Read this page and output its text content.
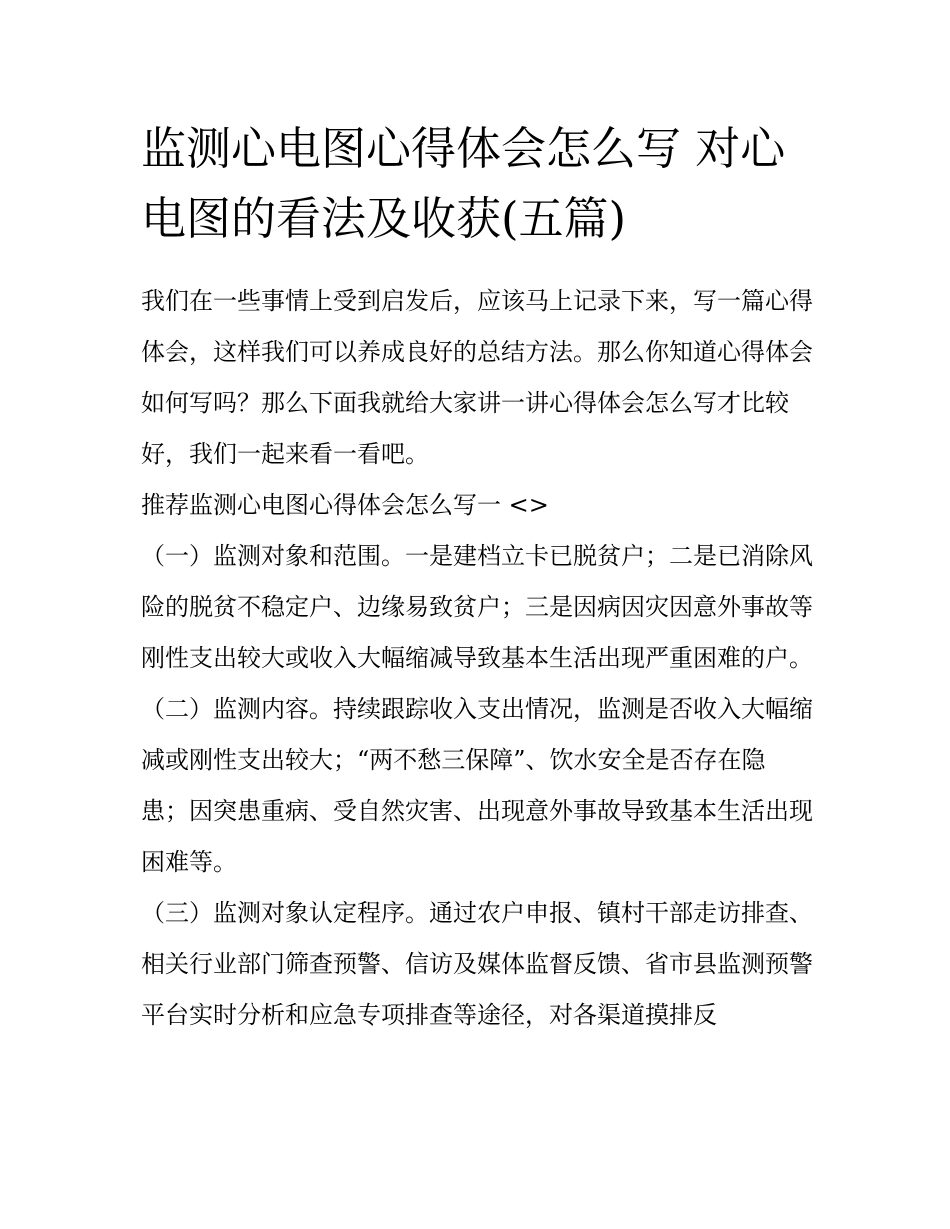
监测心电图心得体会怎么写 对心电图的看法及收获(五篇)

我们在一些事情上受到启发后，应该马上记录下来，写一篇心得体会，这样我们可以养成良好的总结方法。那么你知道心得体会如何写吗？那么下面我就给大家讲一讲心得体会怎么写才比较好，我们一起来看一看吧。

推荐监测心电图心得体会怎么写一 <>

（一）监测对象和范围。一是建档立卡已脱贫户；二是已消除风险的脱贫不稳定户、边缘易致贫户；三是因病因灾因意外事故等刚性支出较大或收入大幅缩减导致基本生活出现严重困难的户。

（二）监测内容。持续跟踪收入支出情况，监测是否收入大幅缩减或刚性支出较大；“两不愁三保障”、饮水安全是否存在隐患；因突患重病、受自然灾害、出现意外事故导致基本生活出现困难等。

（三）监测对象认定程序。通过农户申报、镇村干部走访排查、相关行业部门筛查预警、信访及媒体监督反馈、省市县监测预警平台实时分析和应急专项排查等途径，对各渠道摸排反
